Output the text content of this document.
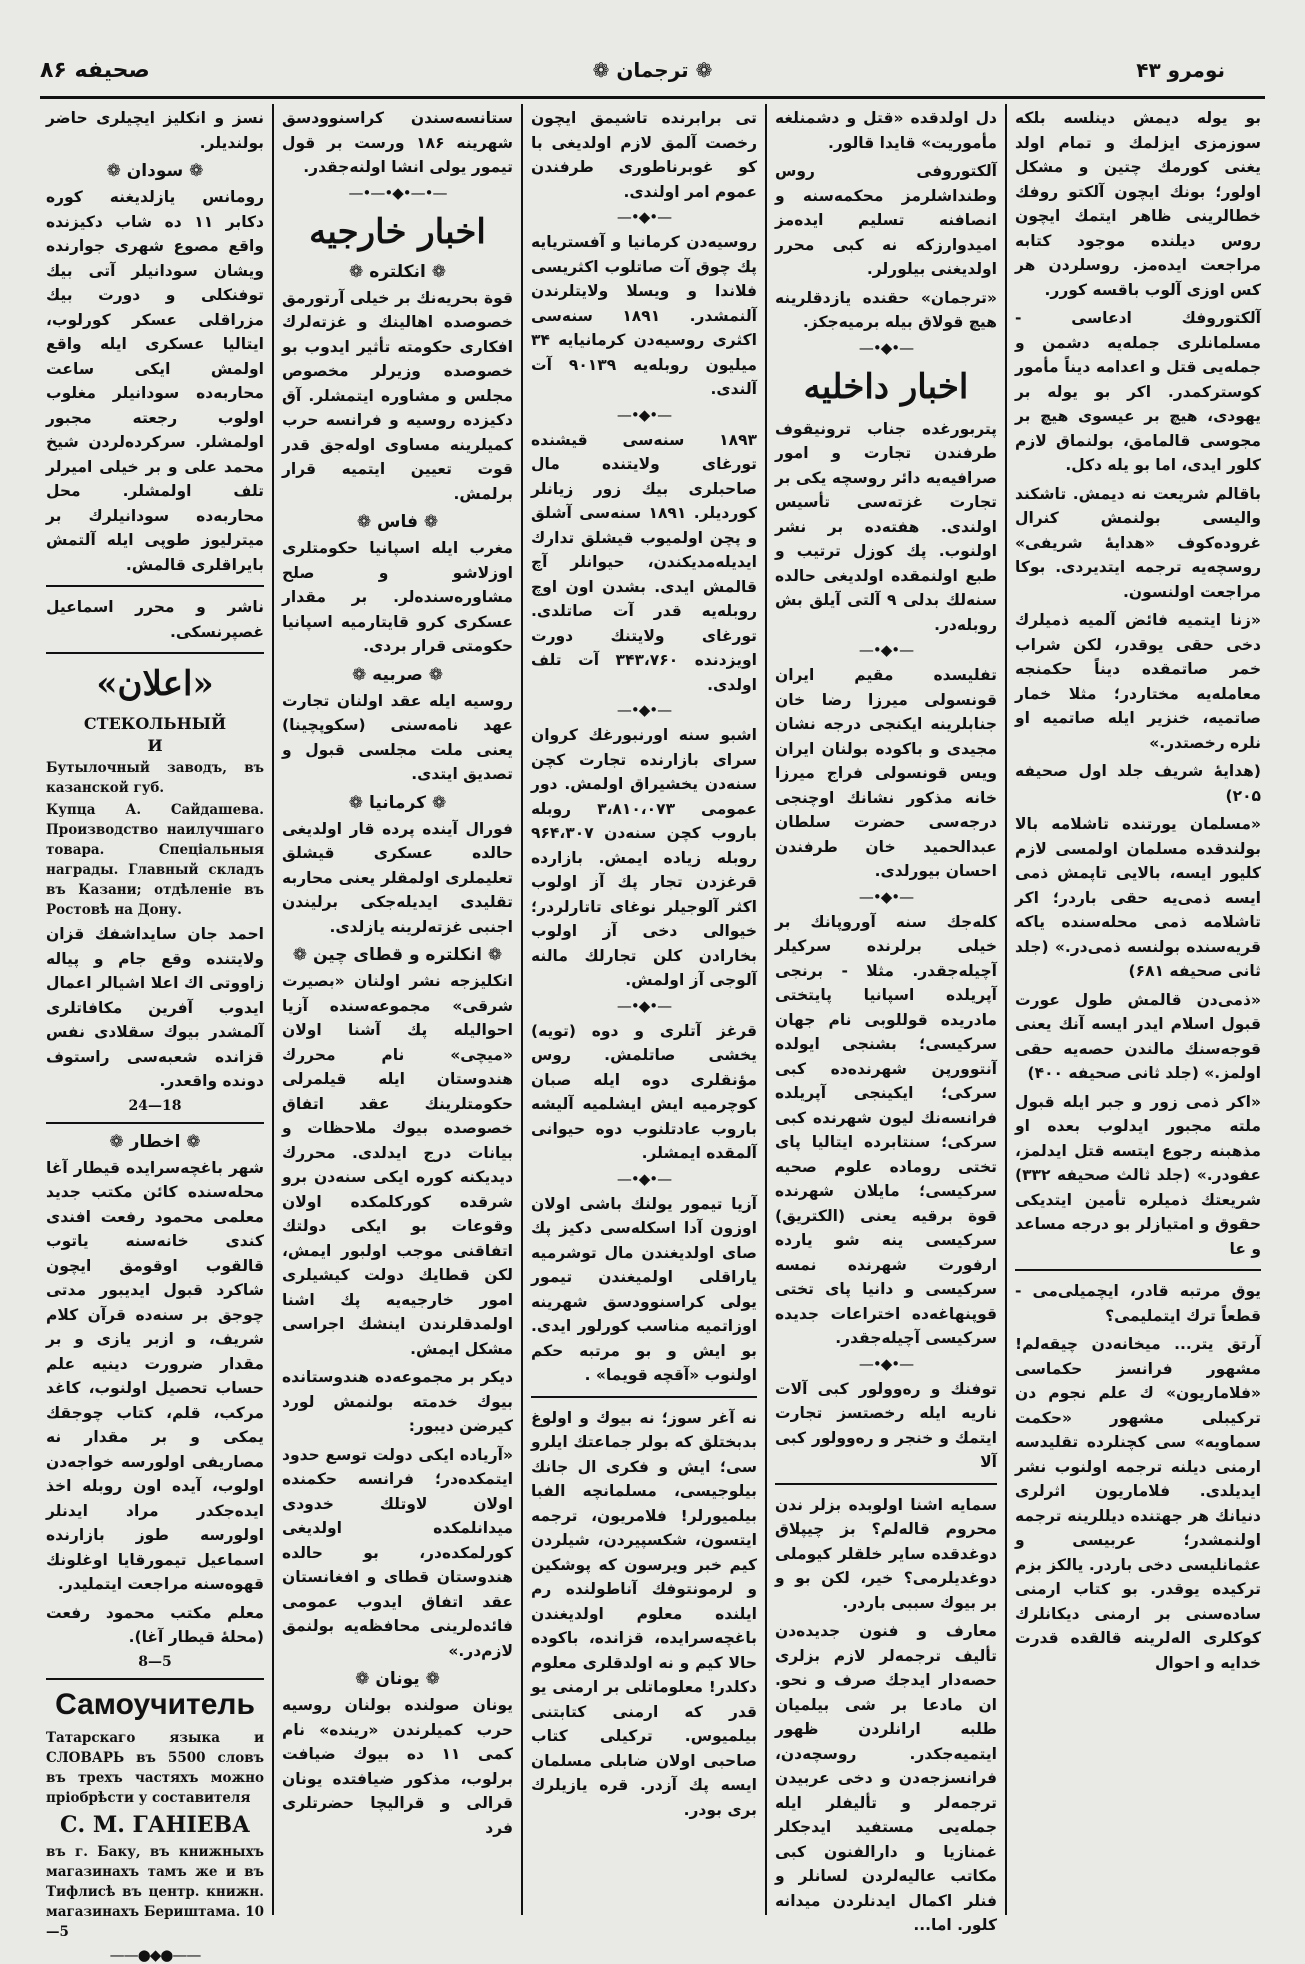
صحيفه ۸۶	❁ ترجمان ❁	نومرو ۴۳
بو يوله ديمش دينلسه بلكه سوزمزى ايزلمك و تمام اولد يغنى كورمك چتين و مشكل اولور؛ بونك ايچون آلكتو روفك خطالرينى ظاهر ايتمك ايچون روس ديلنده موجود كتابه مراجعت ايده‌مز. روسلردن هر كس اوزى آلوب باقسه كورر.
آلكتوروفك ادعاسى - مسلمانلرى جمله‌يه دشمن و جمله‌يى قتل و اعدامه ديناً مأمور كوستركمدر. اكر بو يوله بر يهودى، هيچ بر عيسوى هيچ بر مجوسى قالمامق، بولنماق لازم كلور ايدى، اما بو يله دكل.
باقالم شريعت نه ديمش. تاشكند واليسى بولنمش كنرال غرودەكوف «هدايهٔ شريفى» روسچه‌يه ترجمه ايتديردى. بوكا مراجعت اولنسون.
«زنا ايتميه فائض آلميه ذميلرك دخى حقى يوقدر، لكن شراب خمر صاتمقده ديناً حكمنجه معامله‌يه مختاردر؛ مثلا خمار صاتميه، خنزير ايله صاتميه او نلره رخصتدر.»
(هدايهٔ شريف جلد اول صحيفه ۲۰۵)
«مسلمان يورتنده تاشلامه بالا بولندقده مسلمان اولمسى لازم كليور ايسه، بالايى تاپمش ذمى ايسه ذمى‌يه حقى باردر؛ اكر تاشلامه ذمى محله‌سنده ياكه قريه‌سنده بولنسه ذمى‌در.» (جلد ثانى صحيفه ۶۸۱)
«ذمى‌دن قالمش طول عورت قبول اسلام ايدر ايسه آنك يعنى قوجەسنك مالندن حصه‌يه حقى اولمز.» (جلد ثانى صحيفه ۴۰۰)
«اكر ذمى زور و جبر ايله قبول ملته مجبور ايدلوب بعده او مذهبنه رجوع ايتسه قتل ايدلمز، عفودر.» (جلد ثالث صحيفه ۳۳۲) شريعتك ذميلره تأمين ايتديكى حقوق و امتيازلر بو درجه مساعد و عا
يوق مرتبه قادر، ايچميلى‌مى - قطعاً ترك ايتمليمى؟
آرتق يتر... ميخانه‌دن چيقه‌لم! مشهور فرانسز حكماسى «فلاماريون» ك علم نجوم دن تركيبلى مشهور «حكمت سماويه» سى كچنلرده تقليد‌سه ارمنى ديلنه ترجمه اولنوب نشر ايديلدى. فلاماريون اثرلرى دنيانك هر جهتنده ديللر‌ينه ترجمه اولنمشدر؛ عربيسى و عثمانليسى دخى باردر. يالكز بزم تركيده يوقدر. بو كتاب ارمنى ساده‌سنى بر ارمنى ديكانلرك كوكلرى اله‌لرينه قالقده قدرت خدايه و احوال
دل اولدقده «قتل و دشمنلغه مأموريت» قايدا قالور.
آلكتوروفى روس وطنداشلرمز محكمه‌سنه و انصافنه تسليم ايده‌مز اميدوارزكه نه كبى محرر اولديغنى بيلورلر.
«ترجمان» حقنده يازدقلرينه هيچ قولاق بيله برميه‌جكز.
—•◆•—
اخبار داخليه
پتربورغده جناب ترونيقوف طرفندن تجارت و امور صرافيه‌يه دائر روسچه يكى بر تجارت غزته‌سى تأسيس اولندى. هفته‌ده بر نشر اولنوب. پك كوزل ترتيب و طبع اولنمقده اولديغى حالده سنەلك بدلى ۹ آلتى آيلق بش روبله‌در.
—•◆•—
تفليسده مقيم ايران قونسولى ميرزا رضا خان جنابلرينه ايكنجى درجه نشان مجيدى و باكوده بولنان ايران ويس قونسولى فراج ميرزا خانه مذكور نشانك اوچنجى درجه‌سى حضرت سلطان عبدالحميد خان طرفندن احسان بيورلدى.
—•◆•—
كله‌جك سنه آوروپانك بر خيلى برلرنده سركيلر آچيله‌جقدر. مثلا - برنجى آپريلده اسپانيا پايتختى مادريده قوللوبى نام جهان سركيسى؛ بشنجى ايولده آنتوورپن شهرنده‌ده كبى سركى؛ ايكينجى آپريلده فرانسەنك ليون شهرنده كبى سركى؛ سنتابرده ايتاليا پاى تختى روماده علوم صحيه سركيسى؛ مايلان شهرنده قوة برقيه يعنى (الكتريق) سركيسى ينه شو يارده ارفورت شهرنده نمسه سركيسى و دانيا پاى تختى قوپنهاغه‌ده اختراعات جديده سركيسى آچيله‌جقدر.
—•◆•—
توفنك و رەوولور كبى آلات ناريه ايله رخصتسز تجارت ايتمك و خنجر و رەوولور كبى آلا
سمايه اشنا اولوبده بزلر ندن محروم قاله‌لم؟ بز چيپلاق دوغدقده ساير خلقلر كيوملى دوغديلرمى؟ خير، لكن بو و بر بيوك سببى باردر.
معارف و فنون جديده‌دن تأليف ترجمەلر لازم بزلرى حصه‌دار ايدجك صرف و نحو. ان مادعا بر شى بيلميان طلبه ارانلردن ظهور ايتميه‌جكدر. روسچه‌دن، فرانسزجه‌دن و دخى عربيدن ترجمه‌لر و تأليفلر ايله جمله‌يى مستفيد ايدجكلر غمنازيا و دارالفنون كبى مكاتب عاليه‌لردن لسانلر و فنلر اكمال ايدنلردن ميدانه كلور. اما...
تى برابرنده تاشيمق ايچون رخصت آلمق لازم اولديغى با كو غوبرناطورى طرفندن عموم امر اولندى.
—•◆•—
روسيه‌دن كرمانيا و آفستريايه پك چوق آت صاتلوب اكثريسى فلاندا و ويسلا ولايتلرندن آلنمشدر. ۱۸۹۱ سنه‌سى اكثرى روسيه‌دن كرمانيايه ۳۴ ميليون روبله‌يه ۹۰۱۳۹ آت آلندى.
—•◆•—
۱۸۹۳ سنه‌سى قيشنده تورغاى ولايتنده مال صاحبلرى بيك زور زيانلر كورديلر. ۱۸۹۱ سنه‌سى آشلق و پچن اولميوب قيشلق تدارك ايديله‌مديكندن، حيوانلر آچ قالمش ايدى. بشدن اون اوچ روبله‌يه قدر آت صاتلدى. تورغاى ولايتنك دورت اويزدنده ۳۴۳،۷۶۰ آت تلف اولدى.
—•◆•—
اشبو سنه اورنبورغك كروان سراى بازارنده تجارت كچن سنه‌دن يخشيراق اولمش. دور عمومى ۳،۸۱۰،۰۷۳ روبله باروب كچن سنه‌دن ۹۶۴،۳۰۷ روبله زياده ايمش. بازارده قرغزدن تجار پك آز اولوب اكثر آلوجيلر نوغاى تاتارلردر؛ خيوالى دخى آز اولوب بخارادن كلن تجارلك مالنه آلوجى آز اولمش.
—•◆•—
قرغز آتلرى و دوه (تويه) يخشى صاتلمش. روس مؤنقلرى دوه ايله صبان كوچرميه ايش ايشلميه آليشه باروب عادتلنوب دوه حيوانى آلمقده ايمشلر.
—•◆•—
آزيا تيمور يولنك باشى اولان اوزون آدا اسكله‌سى دكيز پك صاى اولديغندن مال توشرميه ياراقلى اولميغندن تيمور يولى كراسنوودسق شهرينه اوزاتميه مناسب كورلور ايدى. بو ايش و بو مرتبه حكم اولنوب «آقچه قويما» .
نه آغر سوز؛ نه بيوك و اولوغ بدبختلق كه بولر جماعتك ايلرو سى؛ ايش و فكرى ال جانك بيلوجيسى، مسلمانچه الفبا بيلميورلر! فلامريون، ترجمه ايتسون، شكسپيردن، شيلردن كيم خبر ويرسون كه پوشكين و لرمونتوفك آناطولنده رم ايلنده معلوم اولديغندن باغچه‌سرايده، قزانده، باكوده حالا كيم و نه اولدقلرى معلوم دكلدر! معلوماتلى بر ارمنى يو قدر كه ارمنى كتابتنى بيلميوس. تركيلى كتاب صاحبى اولان ضابلى مسلمان ايسه پك آزدر. قره يازيلرك برى بودر.
ستانسه‌سندن كراسنوودسق شهرينه ۱۸۶ ورست بر قول تيمور يولى انشا اولنه‌جقدر.
—•—•◆•—•—
اخبار خارجيه
❁ انكلتره ❁
قوة بحريه‌نك بر خيلى آرتورمق خصوصده اهالينك و غزته‌لرك افكارى حكومته تأثير ايدوب بو خصوصده وزيرلر مخصوص مجلس و مشاوره ايتمشلر. آق دكيزده روسيه و فرانسه حرب كميلرينه مساوى اوله‌جق قدر قوت تعيين ايتميه قرار برلمش.
❁ فاس ❁
مغرب ايله اسپانيا حكومتلرى اوزلاشو و صلح مشاوره‌سندەلر. بر مقدار عسكرى كرو قايتارميه اسپانيا حكومتى قرار بردى.
❁ صربيه ❁
روسيه ايله عقد اولنان تجارت عهد نامه‌سنى (سكوپچينا) يعنى ملت مجلسى قبول و تصديق ايتدى.
❁ كرمانيا ❁
فورال آينده پرده قار اولديغى حالده عسكرى قيشلق تعليملرى اولمقلر يعنى محاربه تقليدى ايديله‌جكى برليندن اجنبى غزته‌لرينه يازلدى.
❁ انكلتره و قطاى چين ❁
انكليزجه نشر اولنان «بصيرت شرقى» مجموعه‌سنده آزيا احواليله پك آشنا اولان «ميچى» نام محررك هندوستان ايله قيلمرلى حكومتلرينك عقد اتفاق خصوصده بيوك ملاحظات و بيانات درج ايدلدى. محررك ديديكنه كوره ايكى سنه‌دن برو شرقده كوركلمكده اولان وقوعات بو ايكى دولتك اتفاقنى موجب اولبور ايمش، لكن قطايك دولت كيشيلرى امور خارجيه‌يه پك اشنا اولمدقلرندن اينشك اجراسى مشكل ايمش.
ديكر بر مجموعه‌ده هندوستانده بيوك خدمته بولنمش لورد كيرضن ديبور:
«آرياده ايكى دولت توسع حدود ايتمكده‌در؛ فرانسه حكمنده اولان لاوتلك خدودى ميدانلمكده اولديغى كورلمكده‌در، بو حالده هندوستان قطاى و افغانستان عقد اتفاق ايدوب عمومى فائده‌لرينى محافظه‌يه بولنمق لازم‌در.»
❁ يونان ❁
يونان صولنده بولنان روسيه حرب كميلرندن «رينده» نام كمى ۱۱ ده بيوك ضيافت برلوب، مذكور ضيافتده يونان قرالى و قراليچا حضرتلرى فرد
نسز و انكليز ايچيلرى حاضر بولنديلر.
❁ سودان ❁
رومانس يازلديغنه كوره دكابر ۱۱ ده شاب دكيزنده واقع مصوع شهرى جوارنده ويشان سودانيلر آتى بيك توفنكلى و دورت بيك مزراقلى عسكر كورلوب، ايتاليا عسكرى ايله واقع اولمش ايكى ساعت محاربه‌ده سودانيلر مغلوب اولوب رجعته مجبور اولمشلر. سركرده‌لردن شيخ محمد على و بر خيلى اميرلر تلف اولمشلر. محل محاربه‌ده سودانيلرك بر ميترليوز طوپى ايله آلتمش بايراقلرى قالمش.
ناشر و محرر اسماعيل غصپرنسكى.
«اعلان»
СТЕКОЛЬНЫЙ
И
Бутылочный заводъ, въ казанской губ.
Купца А. Сайдашева. Производство наилучшаго товара. Спеціальныя награды. Главный складъ въ Казани; отдѣленіе въ Ростовѣ на Дону.
احمد جان سايداشفك قزان ولايتنده وقع جام و پياله زاووتى اك اعلا اشيالر اعمال ايدوب آفرين مكافاتلرى آلمشدر بيوك سقلادى نفس قزانده شعبه‌سى راستوف دونده واقعدر.
24—18
❁ اخطار ❁
شهر باغچه‌سرايده قيطار آغا محله‌سنده كائن مكتب جديد معلمى محمود رفعت افندى كندى خانه‌سنه ياتوب قالقوب اوقومق ايچون شاكرد قبول ايديبور مدتى چوجق بر سنه‌ده قرآن كلام شريف، و ازبر يازى و بر مقدار ضرورت دينيه علم حساب تحصيل اولنوب، كاغد مركب، قلم، كتاب چوجقك يمكى و بر مقدار نه مصاريفى اولورسه خواجه‌دن اولوب، آيده اون روبله اخذ ايده‌جكدر مراد ايدنلر اولورسه طوز بازارنده اسماعيل تيمورقايا اوغلونك قهوه‌سنه مراجعت ايتمليدر.
معلم مكتب محمود رفعت (محلهٔ قيطار آغا).
8—5
Самоучитель
Татарскаго языка и СЛОВАРЬ въ 5500 словъ въ трехъ частяхъ можно пріобрѣсти у составителя
С. М. ГАНІЕВА
въ г. Баку, въ книжныхъ магазинахъ тамъ же и въ Тифлисѣ въ центр. книжн. магазинахъ Бериштама. 10—5
——●◆●——
